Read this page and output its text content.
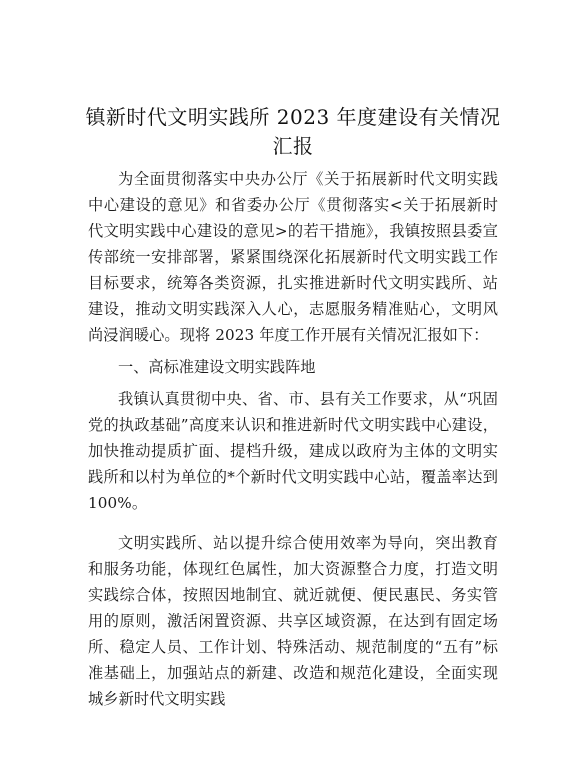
镇新时代文明实践所 2023 年度建设有关情况汇报

为全面贯彻落实中央办公厅《关于拓展新时代文明实践中心建设的意见》和省委办公厅《贯彻落实<关于拓展新时代文明实践中心建设的意见>的若干措施》，我镇按照县委宣传部统一安排部署，紧紧围绕深化拓展新时代文明实践工作目标要求，统筹各类资源，扎实推进新时代文明实践所、站建设，推动文明实践深入人心，志愿服务精准贴心，文明风尚浸润暖心。现将 2023 年度工作开展有关情况汇报如下：

一、高标准建设文明实践阵地

我镇认真贯彻中央、省、市、县有关工作要求，从“巩固党的执政基础”高度来认识和推进新时代文明实践中心建设，加快推动提质扩面、提档升级，建成以政府为主体的文明实践所和以村为单位的*个新时代文明实践中心站，覆盖率达到 100%。

文明实践所、站以提升综合使用效率为导向，突出教育和服务功能，体现红色属性，加大资源整合力度，打造文明实践综合体，按照因地制宜、就近就便、便民惠民、务实管用的原则，激活闲置资源、共享区域资源，在达到有固定场所、稳定人员、工作计划、特殊活动、规范制度的“五有”标准基础上，加强站点的新建、改造和规范化建设，全面实现城乡新时代文明实践
